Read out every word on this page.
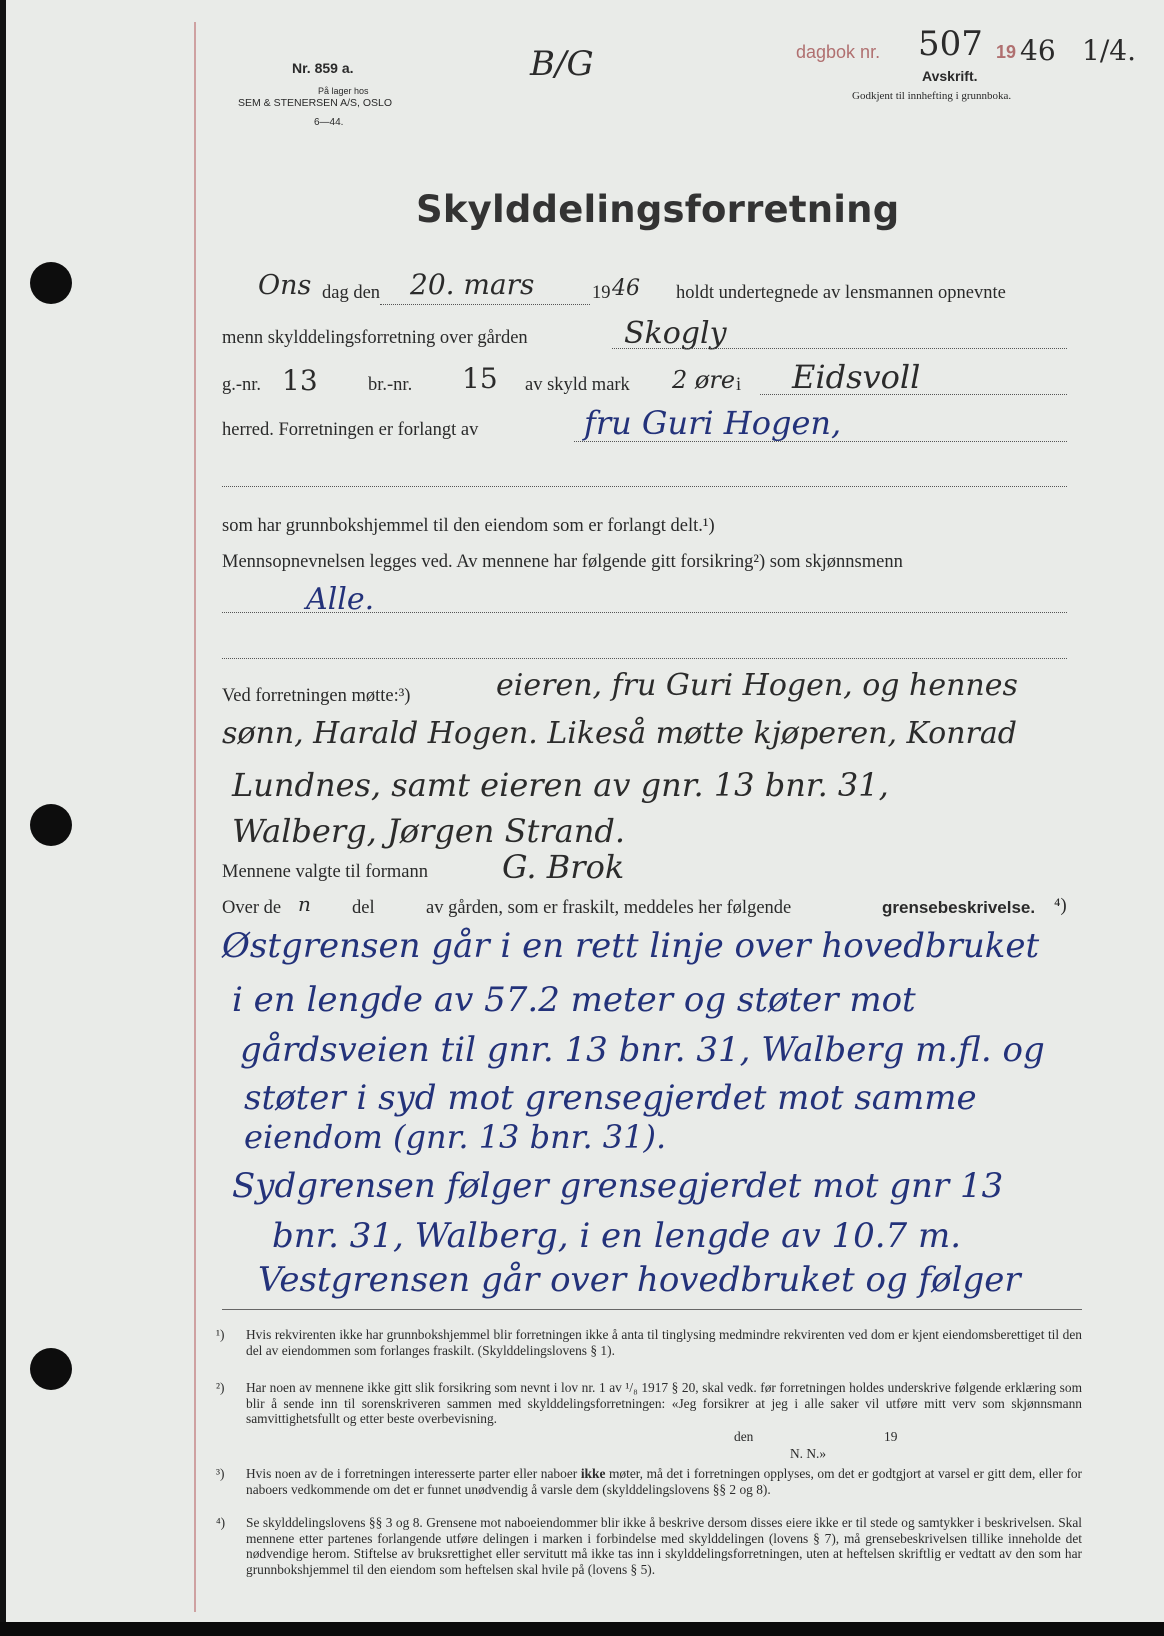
Nr. 859 a.
På lager hos
SEM & STENERSEN A/S, OSLO
6—44.
B/G	dagbok nr. 507 19 46 1/4.
Avskrift.
Godkjent til innhefting i grunnboka.
Skylddelingsforretning
Ons dag den 20. mars	19 46 holdt undertegnede av lensmannen opnevnte
menn skylddelingsforretning over gården	Skogly
g.-nr. 13	br.-nr. 15 av skyld mark 2 øre i Eidsvoll
herred. Forretningen er forlangt av	fru Guri Hogen,
som har grunnbokshjemmel til den eiendom som er forlangt delt.¹)
Mennsopnevnelsen legges ved. Av mennene har følgende gitt forsikring²) som skjønnsmenn
Alle.
Ved forretningen møtte:³)	eieren, fru Guri Hogen, og hennes
sønn, Harald Hogen. Likeså møtte kjøperen, Konrad
Lundnes, samt eieren av gnr. 13 bnr. 31,
Walberg, Jørgen Strand.
Mennene valgte til formann G. Brok
Over de n del	av gården, som er fraskilt, meddeles her følgende	grensebeskrivelse. ⁴)
Østgrensen går i en rett linje over hovedbruket
i en lengde av 57.2 meter og støter mot
gårdsveien til gnr. 13 bnr. 31, Walberg m.fl. og
støter i syd mot grensegjerdet mot samme
eiendom (gnr. 13 bnr. 31).
Sydgrensen følger grensegjerdet mot gnr 13
bnr. 31, Walberg, i en lengde av 10.7 m.
Vestgrensen går over hovedbruket og følger
¹) Hvis rekvirenten ikke har grunnbokshjemmel blir forretningen ikke å anta til tinglysing medmindre rekvirenten ved dom er kjent eiendomsberettiget til den del av eiendommen som forlanges fraskilt. (Skylddelingslovens § 1).
²) Har noen av mennene ikke gitt slik forsikring som nevnt i lov nr. 1 av ¹/₈ 1917 § 20, skal vedk. før forretningen holdes underskrive følgende erklæring som blir å sende inn til sorenskriveren sammen med skylddelingsforretningen: «Jeg forsikrer at jeg i alle saker vil utføre mitt verv som skjønnsmann samvittighetsfullt og etter beste overbevisning.
den	19
N. N.»
³) Hvis noen av de i forretningen interesserte parter eller naboer ikke møter, må det i forretningen opplyses, om det er godtgjort at varsel er gitt dem, eller for naboers vedkommende om det er funnet unødvendig å varsle dem (skylddelingslovens §§ 2 og 8).
⁴) Se skylddelingslovens §§ 3 og 8. Grensene mot naboeiendommer blir ikke å beskrive dersom disses eiere ikke er til stede og samtykker i beskrivelsen. Skal mennene etter partenes forlangende utføre delingen i marken i forbindelse med skylddelingen (lovens § 7), må grensebeskrivelsen tillike inneholde det nødvendige herom. Stiftelse av bruksrettighet eller servitutt må ikke tas inn i skylddelingsforretningen, uten at heftelsen skriftlig er vedtatt av den som har grunnbokshjemmel til den eiendom som heftelsen skal hvile på (lovens § 5).
